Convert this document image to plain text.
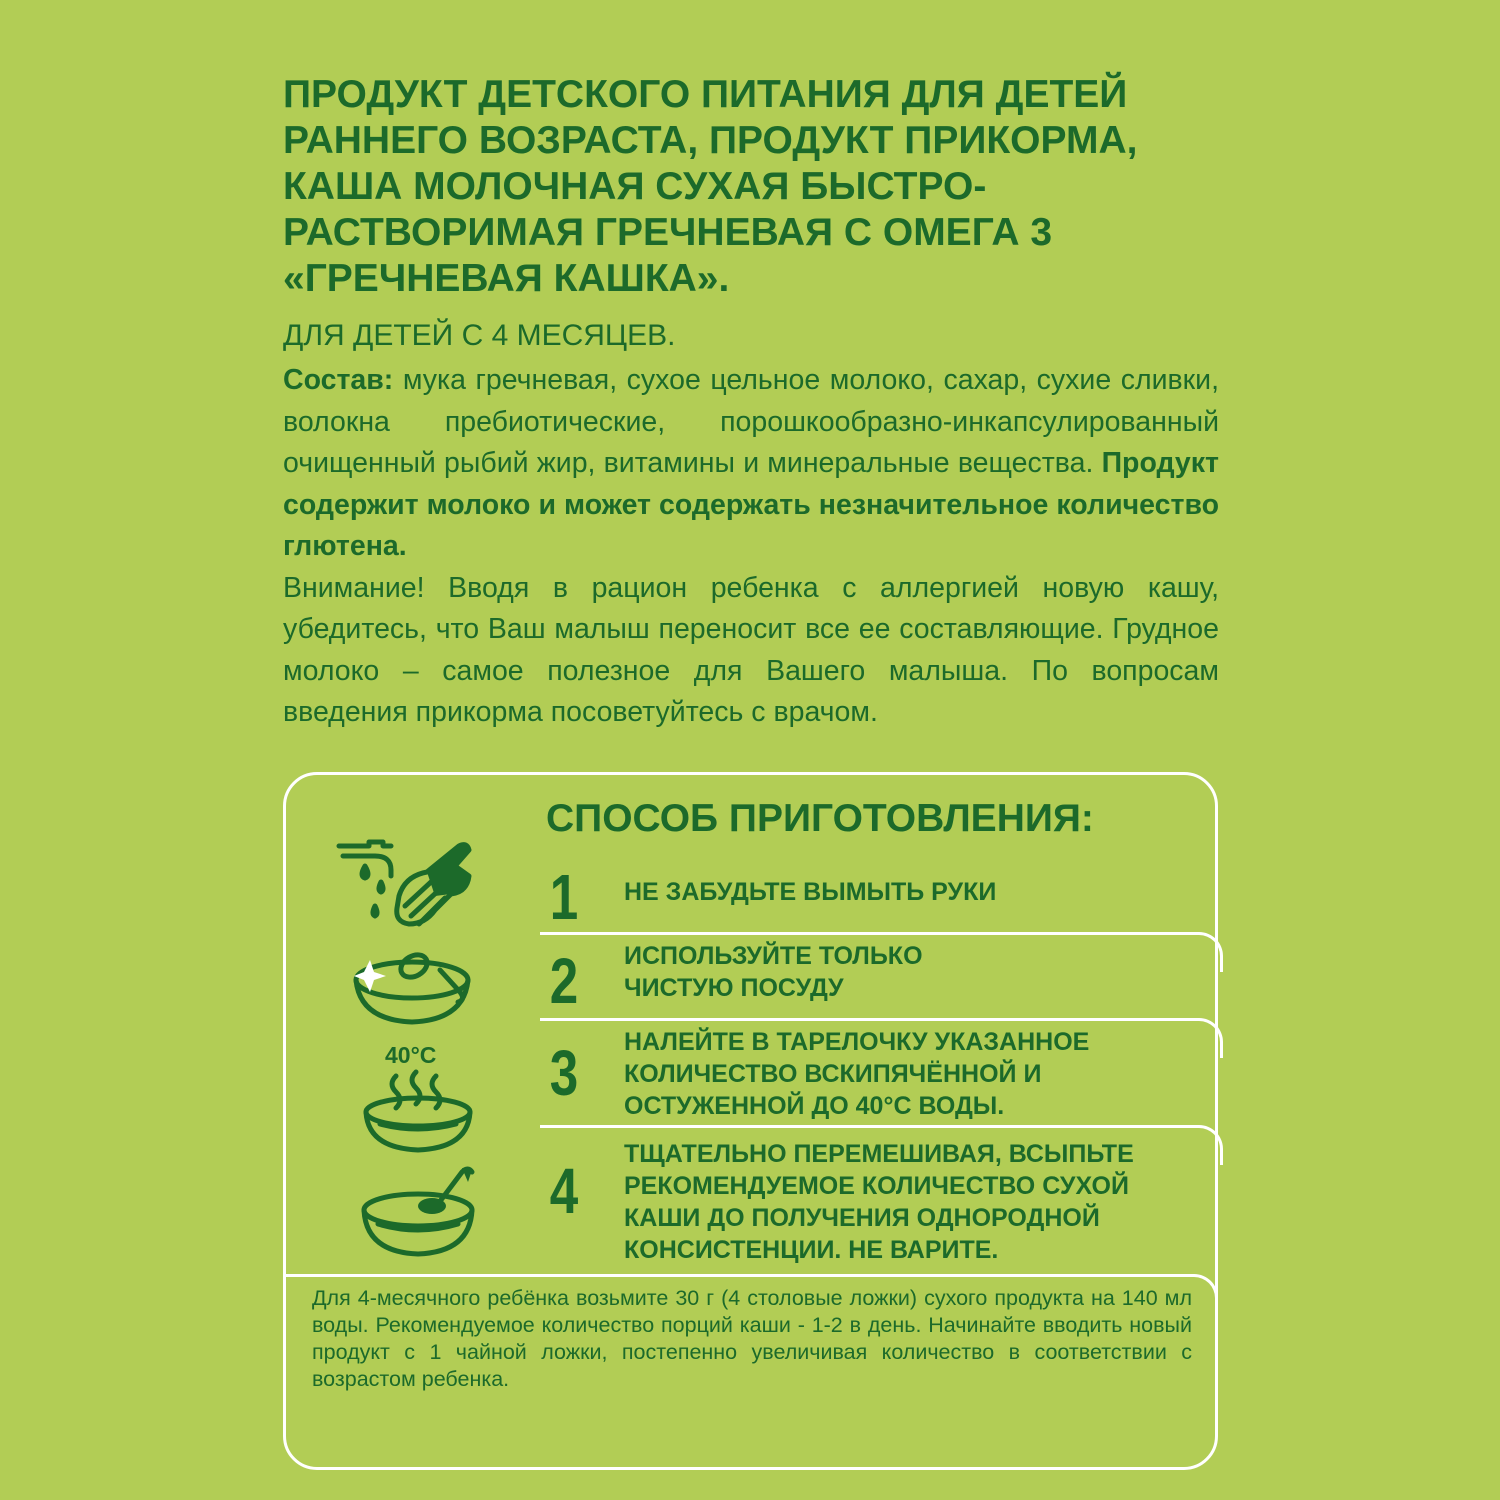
ПРОДУКТ ДЕТСКОГО ПИТАНИЯ ДЛЯ ДЕТЕЙ
РАННЕГО ВОЗРАСТА, ПРОДУКТ ПРИКОРМА,
КАША МОЛОЧНАЯ СУХАЯ БЫСТРО-
РАСТВОРИМАЯ ГРЕЧНЕВАЯ С ОМЕГА 3
«ГРЕЧНЕВАЯ КАШКА».
ДЛЯ ДЕТЕЙ С 4 МЕСЯЦЕВ.

Состав: мука гречневая, сухое цельное молоко, сахар, сухие сливки, волокна пребиотические, порошкообразно-инкапсулированный очищенный рыбий жир, витамины и минеральные вещества. Продукт содержит молоко и может содержать незначительное количество глютена.

Внимание! Вводя в рацион ребенка с аллергией новую кашу, убедитесь, что Ваш малыш переносит все ее составляющие. Грудное молоко – самое полезное для Вашего малыша. По вопросам введения прикорма посоветуйтесь с врачом.

СПОСОБ ПРИГОТОВЛЕНИЯ:
40°C
1	НЕ ЗАБУДЬТЕ ВЫМЫТЬ РУКИ
2	ИСПОЛЬЗУЙТЕ ТОЛЬКО
ЧИСТУЮ ПОСУДУ
3	НАЛЕЙТЕ В ТАРЕЛОЧКУ УКАЗАННОЕ
КОЛИЧЕСТВО ВСКИПЯЧЁННОЙ И
ОСТУЖЕННОЙ ДО 40°С ВОДЫ.
4
ТЩАТЕЛЬНО ПЕРЕМЕШИВАЯ, ВСЫПЬТЕ
РЕКОМЕНДУЕМОЕ КОЛИЧЕСТВО СУХОЙ
КАШИ ДО ПОЛУЧЕНИЯ ОДНОРОДНОЙ
КОНСИСТЕНЦИИ. НЕ ВАРИТЕ.

Для 4-месячного ребёнка возьмите 30 г (4 столовые ложки) сухого продукта на 140 мл воды. Рекомендуемое количество порций каши - 1-2 в день. Начинайте вводить новый продукт с 1 чайной ложки, постепенно увеличивая количество в соответствии с возрастом ребенка.
